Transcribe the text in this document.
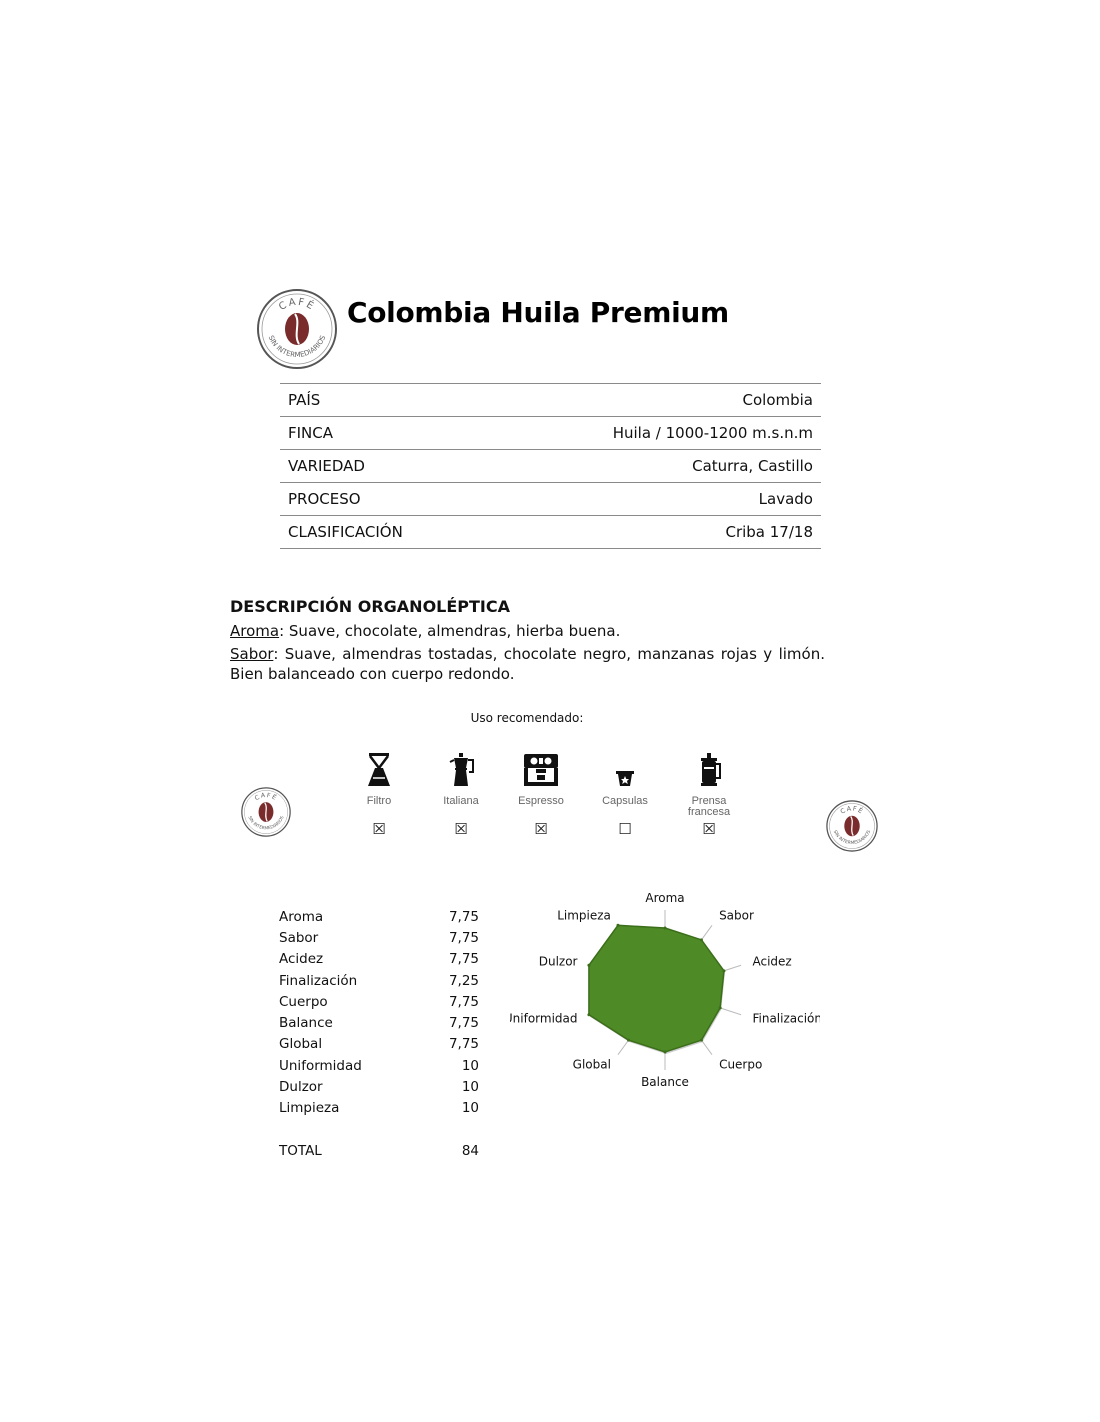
CAFÉ
SIN INTERMEDIARIOS
Colombia Huila Premium
PAÍS	Colombia
FINCA	Huila / 1000-1200 m.s.n.m
VARIEDAD	Caturra, Castillo
PROCESO	Lavado
CLASIFICACIÓN	Criba 17/18
DESCRIPCIÓN ORGANOLÉPTICA

Aroma: Suave, chocolate, almendras, hierba buena.

Sabor: Suave, almendras tostadas, chocolate negro, manzanas rojas y limón. Bien balanceado con cuerpo redondo.

Uso recomendado:
CAFÉ
SIN INTERMEDIARIOS
CAFÉ
SIN INTERMEDIARIOS
Filtro
☒
Italiana
☒
Espresso
☒
Capsulas
☐
Prensa francesa
☒
Aroma	7,75
Sabor	7,75
Acidez	7,75
Finalización	7,25
Cuerpo	7,75
Balance	7,75
Global	7,75
Uniformidad	10
Dulzor	10
Limpieza	10
TOTAL	84
Aroma
Sabor
Acidez
Finalización
Cuerpo
Balance
Global
Uniformidad
Dulzor
Limpieza
